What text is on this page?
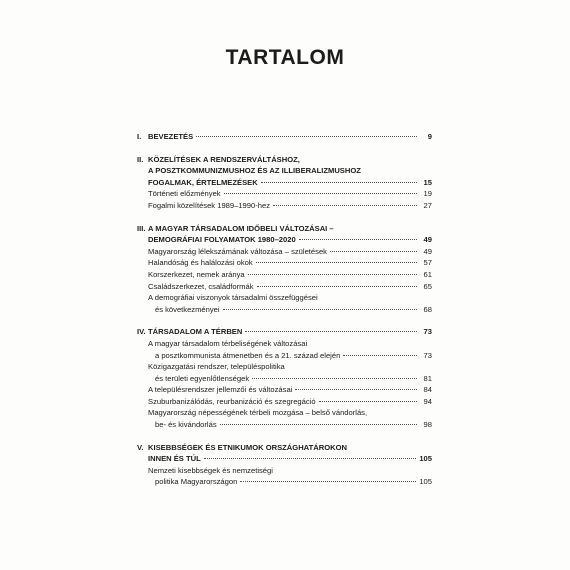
TARTALOM
I. BEVEZETÉS	9
II. KÖZELÍTÉSEK A RENDSZERVÁLTÁSHOZ,
A POSZTKOMMUNIZMUSHOZ ÉS AZ ILLIBERALIZMUSHOZ
FOGALMAK, ÉRTELMEZÉSEK	15
Történeti előzmények	19
Fogalmi közelítések 1989–1990-hez	27
III. A MAGYAR TÁRSADALOM IDŐBELI VÁLTOZÁSAI –
DEMOGRÁFIAI FOLYAMATOK 1980–2020	49
Magyarország lélekszámának változása – születések	49
Halandóság és halálozási okok	57
Korszerkezet, nemek aránya	61
Családszerkezet, családformák	65
A demográfiai viszonyok társadalmi összefüggései
és következményei	68
IV. TÁRSADALOM A TÉRBEN	73
A magyar társadalom térbeliségének változásai
a posztkommunista átmenetben és a 21. század elején	73
Közigazgatási rendszer, településpolitika
és területi egyenlőtlenségek	81
A településrendszer jellemzői és változásai	84
Szuburbanizálódás, reurbanizáció és szegregáció	94
Magyarország népességének térbeli mozgása – belső vándorlás,
be- és kivándorlás	98
V. KISEBBSÉGEK ÉS ETNIKUMOK ORSZÁGHATÁROKON
INNEN ÉS TÚL	105
Nemzeti kisebbségek és nemzetiségi
politika Magyarországon	105
